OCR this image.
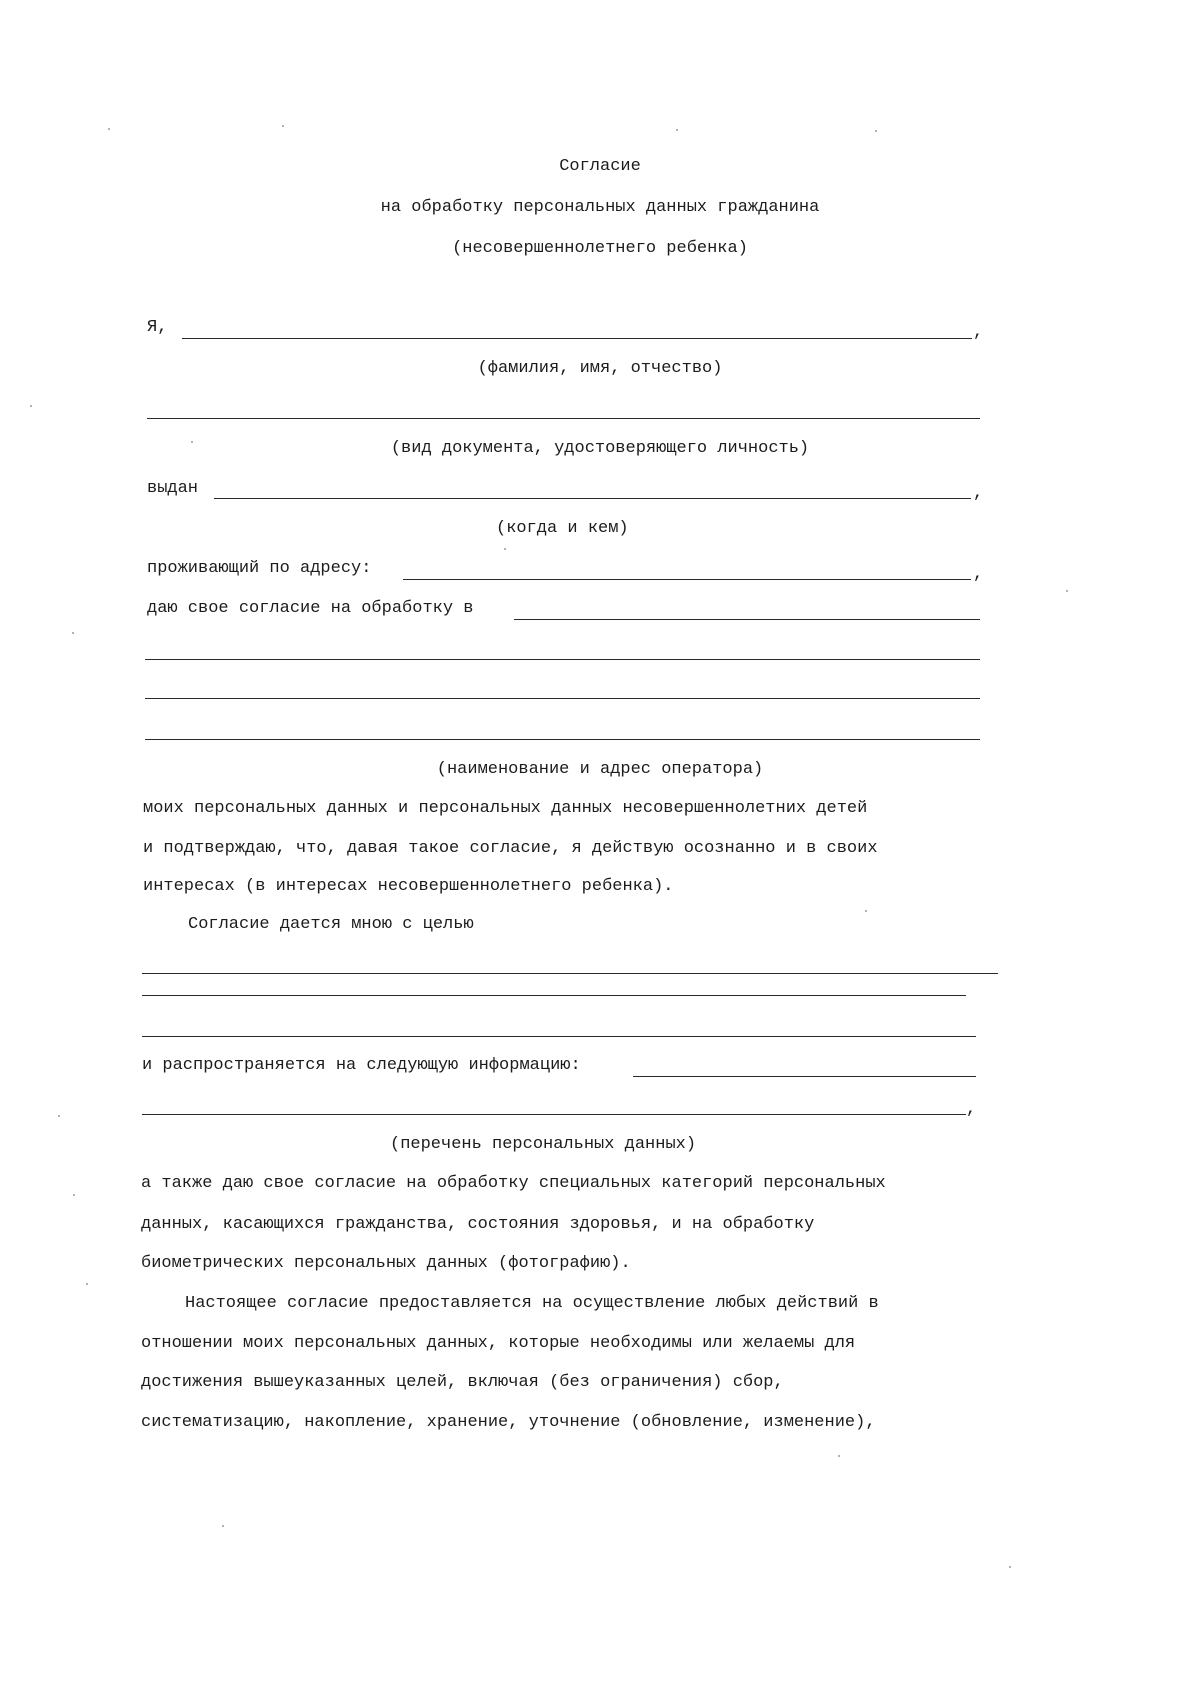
Согласие
на обработку персональных данных гражданина
(несовершеннолетнего ребенка)
Я,	,
(фамилия, имя, отчество)
(вид документа, удостоверяющего личность)
выдан	,
(когда и кем)
проживающий по адресу:	,
даю свое согласие на обработку в
(наименование и адрес оператора)
моих персональных данных и персональных данных несовершеннолетних детей
и подтверждаю, что, давая такое согласие, я действую осознанно и в своих
интересах (в интересах несовершеннолетнего ребенка).
Согласие дается мною с целью
и распространяется на следующую информацию:
,
(перечень персональных данных)
а также даю свое согласие на обработку специальных категорий персональных
данных, касающихся гражданства, состояния здоровья, и на обработку
биометрических персональных данных (фотографию).
Настоящее согласие предоставляется на осуществление любых действий в
отношении моих персональных данных, которые необходимы или желаемы для
достижения вышеуказанных целей, включая (без ограничения) сбор,
систематизацию, накопление, хранение, уточнение (обновление, изменение),
